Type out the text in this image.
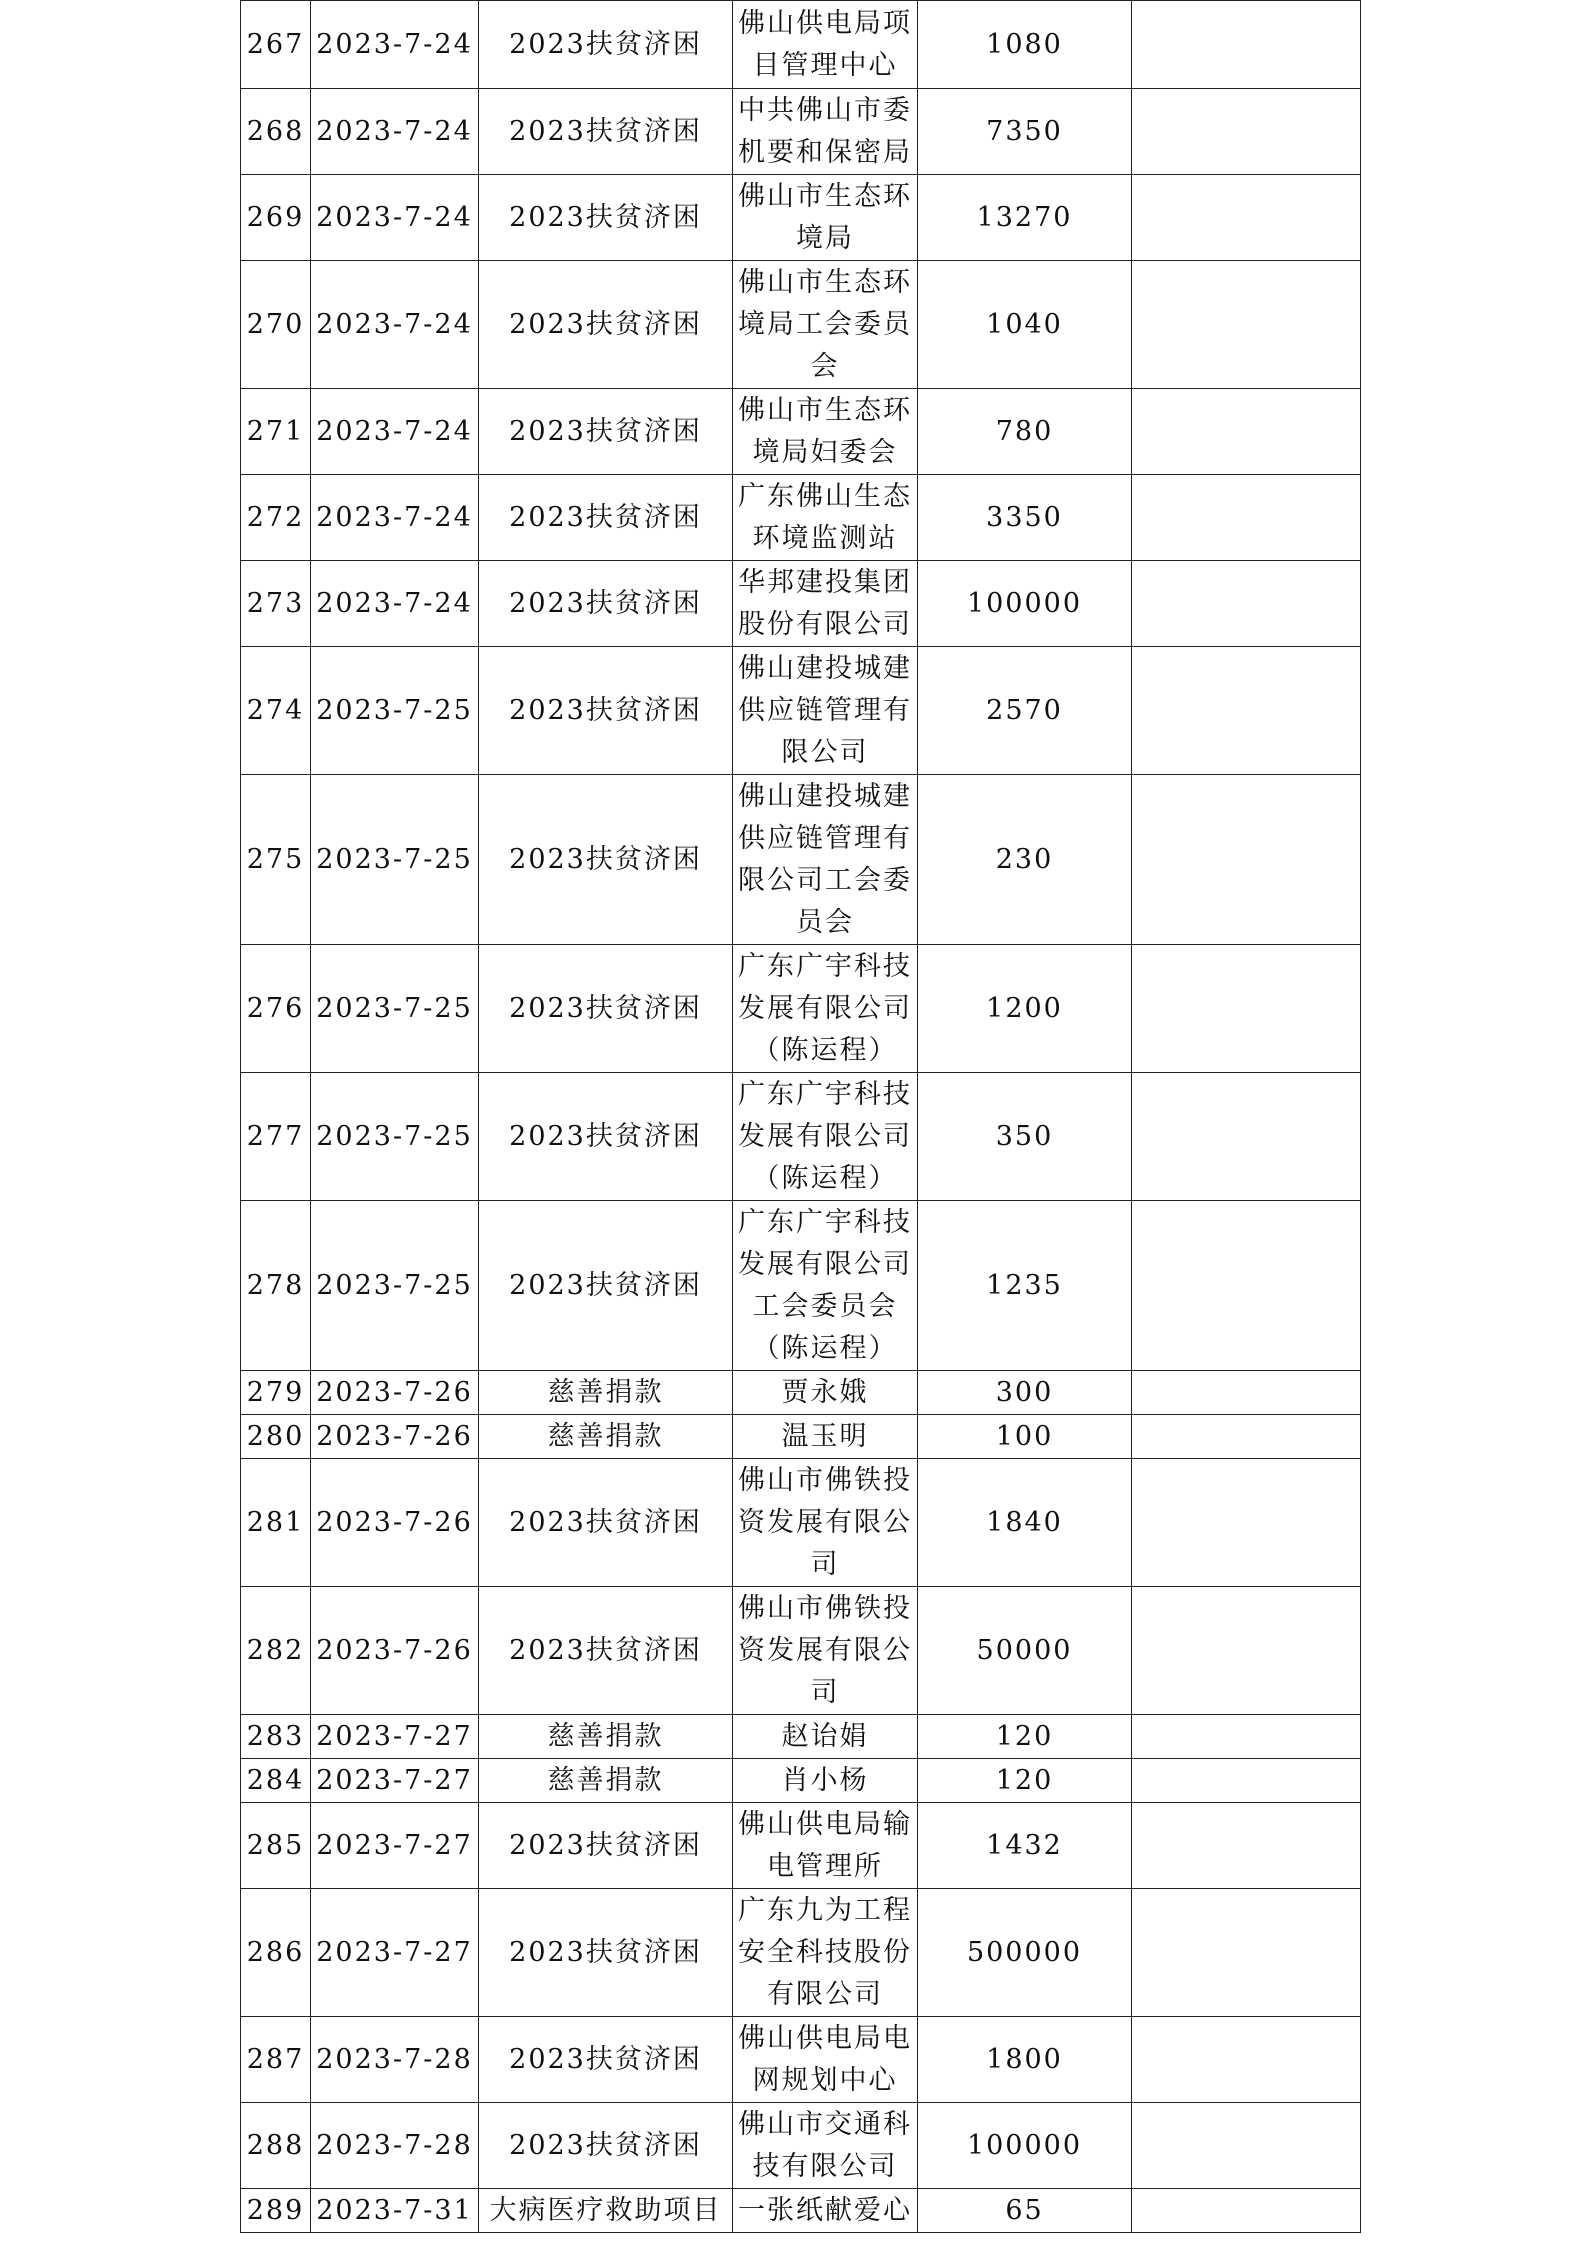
267	2023-7-24	2023扶贫济困	佛山供电局项目管理中心	1080	
268	2023-7-24	2023扶贫济困	中共佛山市委机要和保密局	7350	
269	2023-7-24	2023扶贫济困	佛山市生态环境局	13270	
270	2023-7-24	2023扶贫济困	佛山市生态环境局工会委员会	1040	
271	2023-7-24	2023扶贫济困	佛山市生态环境局妇委会	780	
272	2023-7-24	2023扶贫济困	广东佛山生态环境监测站	3350	
273	2023-7-24	2023扶贫济困	华邦建投集团股份有限公司	100000	
274	2023-7-25	2023扶贫济困	佛山建投城建供应链管理有限公司	2570	
275	2023-7-25	2023扶贫济困	佛山建投城建供应链管理有限公司工会委员会	230	
276	2023-7-25	2023扶贫济困	广东广宇科技发展有限公司（陈运程）	1200	
277	2023-7-25	2023扶贫济困	广东广宇科技发展有限公司（陈运程）	350	
278	2023-7-25	2023扶贫济困	广东广宇科技发展有限公司工会委员会（陈运程）	1235	
279	2023-7-26	慈善捐款	贾永娥	300	
280	2023-7-26	慈善捐款	温玉明	100	
281	2023-7-26	2023扶贫济困	佛山市佛铁投资发展有限公司	1840	
282	2023-7-26	2023扶贫济困	佛山市佛铁投资发展有限公司	50000	
283	2023-7-27	慈善捐款	赵诒娟	120	
284	2023-7-27	慈善捐款	肖小杨	120	
285	2023-7-27	2023扶贫济困	佛山供电局输电管理所	1432	
286	2023-7-27	2023扶贫济困	广东九为工程安全科技股份有限公司	500000	
287	2023-7-28	2023扶贫济困	佛山供电局电网规划中心	1800	
288	2023-7-28	2023扶贫济困	佛山市交通科技有限公司	100000	
289	2023-7-31	大病医疗救助项目	一张纸献爱心	65	
